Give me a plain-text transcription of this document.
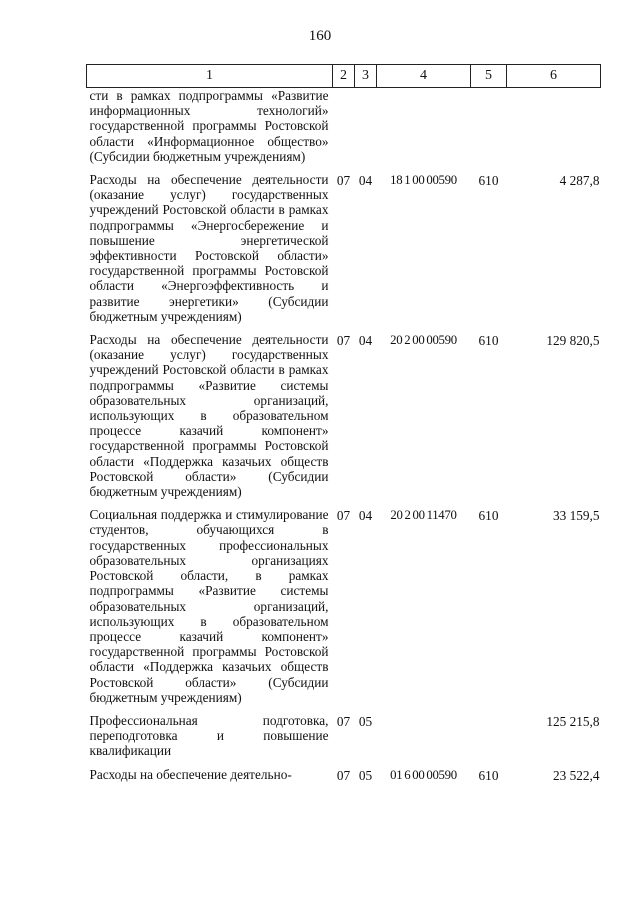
160
1	2	3	4	5	6
сти в рамках подпрограммы «Развитие информационных технологий» государственной программы Ростовской области «Информационное общество» (Субсидии бюджетным учреждениям)					
Расходы на обеспечение деятельности (оказание услуг) государственных учреждений Ростовской области в рамках подпрограммы «Энергосбережение и повышение энергетической эффективности Ростовской области» государственной программы Ростовской области «Энергоэффективность и развитие энергетики» (Субсидии бюджетным учреждениям)	07	04	18 1 00 00590	610	4 287,8
Расходы на обеспечение деятельности (оказание услуг) государственных учреждений Ростовской области в рамках подпрограммы «Развитие системы образовательных организаций, использующих в образовательном процессе казачий компонент» государственной программы Ростовской области «Поддержка казачьих обществ Ростовской области» (Субсидии бюджетным учреждениям)	07	04	20 2 00 00590	610	129 820,5
Социальная поддержка и стимулирование студентов, обучающихся в государственных профессиональных образовательных организациях Ростовской области, в рамках подпрограммы «Развитие системы образовательных организаций, использующих в образовательном процессе казачий компонент» государственной программы Ростовской области «Поддержка казачьих обществ Ростовской области» (Субсидии бюджетным учреждениям)	07	04	20 2 00 11470	610	33 159,5
Профессиональная подготовка, переподготовка и повышение квалификации	07	05			125 215,8
Расходы на обеспечение деятельно-	07	05	01 6 00 00590	610	23 522,4
